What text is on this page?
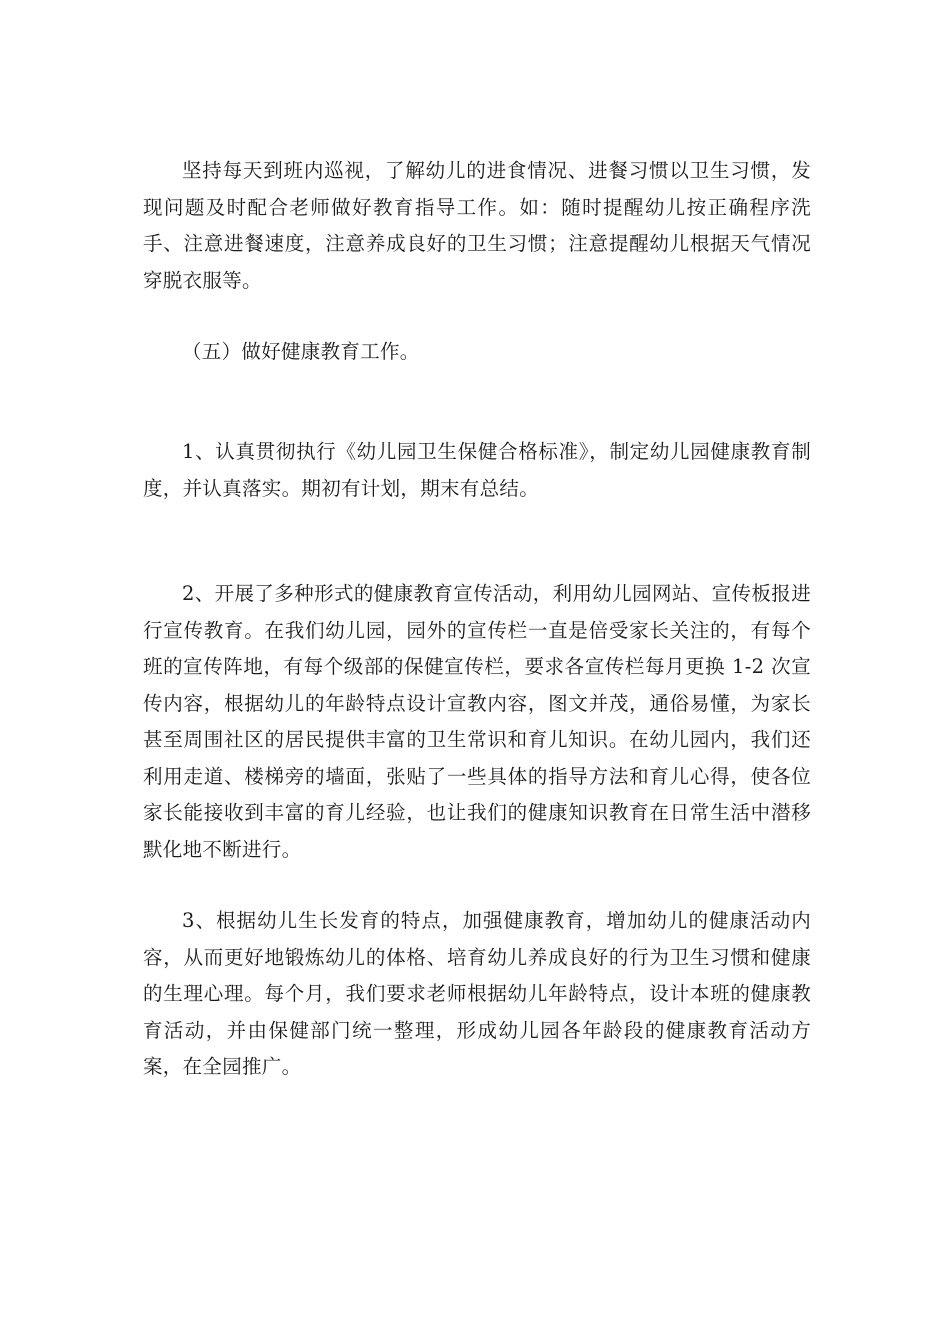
坚持每天到班内巡视，了解幼儿的进食情况、进餐习惯以卫生习惯，发现问题及时配合老师做好教育指导工作。如：随时提醒幼儿按正确程序洗手、注意进餐速度，注意养成良好的卫生习惯；注意提醒幼儿根据天气情况穿脱衣服等。

（五）做好健康教育工作。

1、认真贯彻执行《幼儿园卫生保健合格标准》，制定幼儿园健康教育制度，并认真落实。期初有计划，期末有总结。

2、开展了多种形式的健康教育宣传活动，利用幼儿园网站、宣传板报进行宣传教育。在我们幼儿园，园外的宣传栏一直是倍受家长关注的，有每个班的宣传阵地，有每个级部的保健宣传栏，要求各宣传栏每月更换 1-2 次宣传内容，根据幼儿的年龄特点设计宣教内容，图文并茂，通俗易懂，为家长甚至周围社区的居民提供丰富的卫生常识和育儿知识。在幼儿园内，我们还利用走道、楼梯旁的墙面，张贴了一些具体的指导方法和育儿心得，使各位家长能接收到丰富的育儿经验，也让我们的健康知识教育在日常生活中潜移默化地不断进行。

3、根据幼儿生长发育的特点，加强健康教育，增加幼儿的健康活动内容，从而更好地锻炼幼儿的体格、培育幼儿养成良好的行为卫生习惯和健康的生理心理。每个月，我们要求老师根据幼儿年龄特点，设计本班的健康教育活动，并由保健部门统一整理，形成幼儿园各年龄段的健康教育活动方案，在全园推广。
